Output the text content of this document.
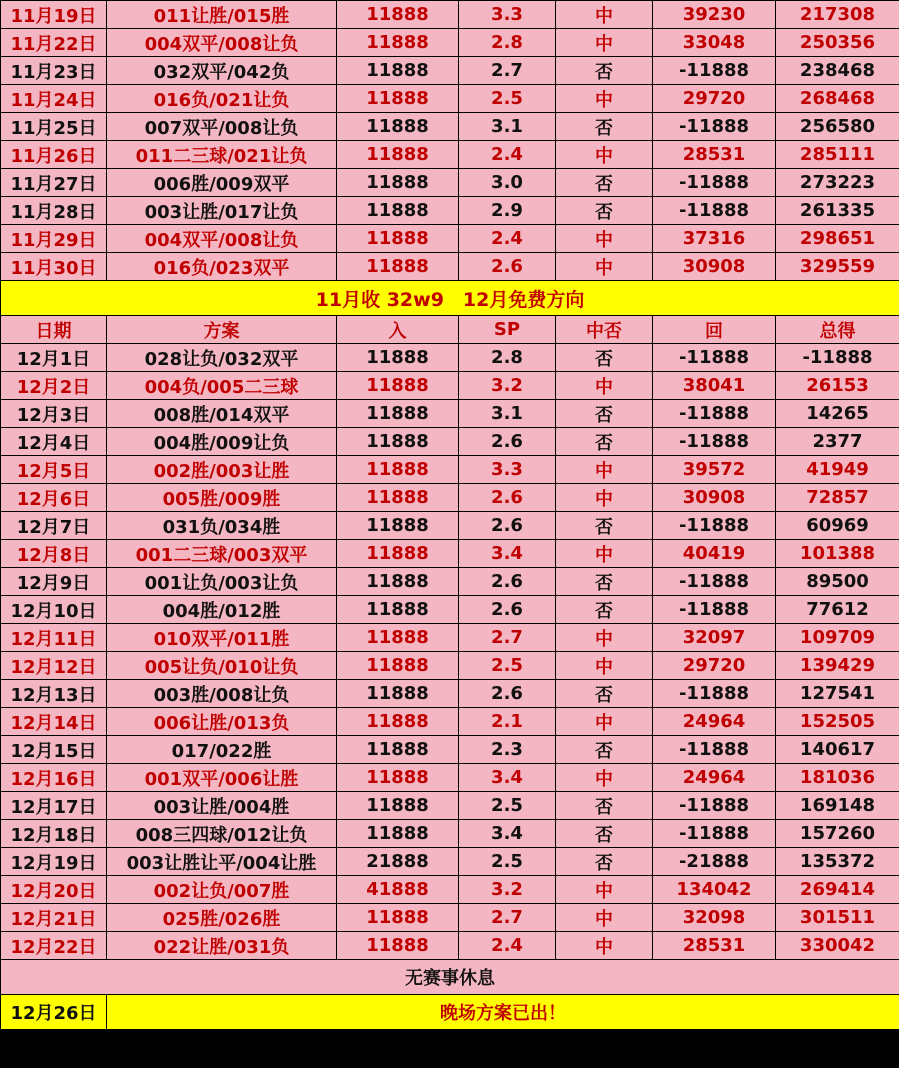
11月19日	011让胜/015胜	11888	3.3	中	39230	217308
11月22日	004双平/008让负	11888	2.8	中	33048	250356
11月23日	032双平/042负	11888	2.7	否	-11888	238468
11月24日	016负/021让负	11888	2.5	中	29720	268468
11月25日	007双平/008让负	11888	3.1	否	-11888	256580
11月26日	011二三球/021让负	11888	2.4	中	28531	285111
11月27日	006胜/009双平	11888	3.0	否	-11888	273223
11月28日	003让胜/017让负	11888	2.9	否	-11888	261335
11月29日	004双平/008让负	11888	2.4	中	37316	298651
11月30日	016负/023双平	11888	2.6	中	30908	329559
11月收 32w9　12月免费方向						
日期	方案	入	SP	中否	回	总得
12月1日	028让负/032双平	11888	2.8	否	-11888	-11888
12月2日	004负/005二三球	11888	3.2	中	38041	26153
12月3日	008胜/014双平	11888	3.1	否	-11888	14265
12月4日	004胜/009让负	11888	2.6	否	-11888	2377
12月5日	002胜/003让胜	11888	3.3	中	39572	41949
12月6日	005胜/009胜	11888	2.6	中	30908	72857
12月7日	031负/034胜	11888	2.6	否	-11888	60969
12月8日	001二三球/003双平	11888	3.4	中	40419	101388
12月9日	001让负/003让负	11888	2.6	否	-11888	89500
12月10日	004胜/012胜	11888	2.6	否	-11888	77612
12月11日	010双平/011胜	11888	2.7	中	32097	109709
12月12日	005让负/010让负	11888	2.5	中	29720	139429
12月13日	003胜/008让负	11888	2.6	否	-11888	127541
12月14日	006让胜/013负	11888	2.1	中	24964	152505
12月15日	017/022胜	11888	2.3	否	-11888	140617
12月16日	001双平/006让胜	11888	3.4	中	24964	181036
12月17日	003让胜/004胜	11888	2.5	否	-11888	169148
12月18日	008三四球/012让负	11888	3.4	否	-11888	157260
12月19日	003让胜让平/004让胜	21888	2.5	否	-21888	135372
12月20日	002让负/007胜	41888	3.2	中	134042	269414
12月21日	025胜/026胜	11888	2.7	中	32098	301511
12月22日	022让胜/031负	11888	2.4	中	28531	330042
无赛事休息						
12月26日	晚场方案已出！					
